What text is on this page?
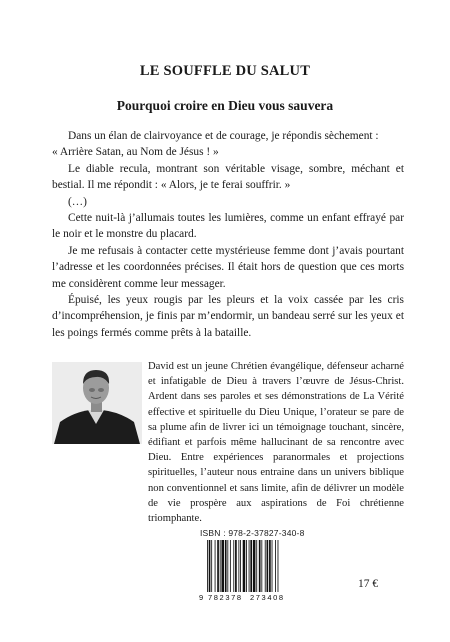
LE SOUFFLE DU SALUT
Pourquoi croire en Dieu vous sauvera

Dans un élan de clairvoyance et de courage, je répondis sèchement :

« Arrière Satan, au Nom de Jésus ! »

Le diable recula, montrant son véritable visage, sombre, méchant et bestial. Il me répondit : « Alors, je te ferai souffrir. »

(…)

Cette nuit-là j’allumais toutes les lumières, comme un enfant effrayé par le noir et le monstre du placard.

Je me refusais à contacter cette mystérieuse femme dont j’avais pourtant l’adresse et les coordonnées précises. Il était hors de question que ces morts me considèrent comme leur messager.

Épuisé, les yeux rougis par les pleurs et la voix cassée par les cris d’incompréhension, je finis par m’endormir, un bandeau serré sur les yeux et les poings fermés comme prêts à la bataille.

David est un jeune Chrétien évangélique, défenseur acharné et infatigable de Dieu à travers l’œuvre de Jésus-Christ. Ardent dans ses paroles et ses démonstrations de La Vérité effective et spirituelle du Dieu Unique, l’orateur se pare de sa plume afin de livrer ici un témoignage touchant, sincère, édifiant et parfois même hallucinant de sa rencontre avec Dieu. Entre expériences paranormales et projections spirituelles, l’auteur nous entraine dans un univers biblique non conventionnel et sans limite, afin de délivrer un modèle de vie prospère aux aspirations de Foi chrétienne triomphante.

ISBN : 978-2-37827-340-8
9 782378 273408
17 €
